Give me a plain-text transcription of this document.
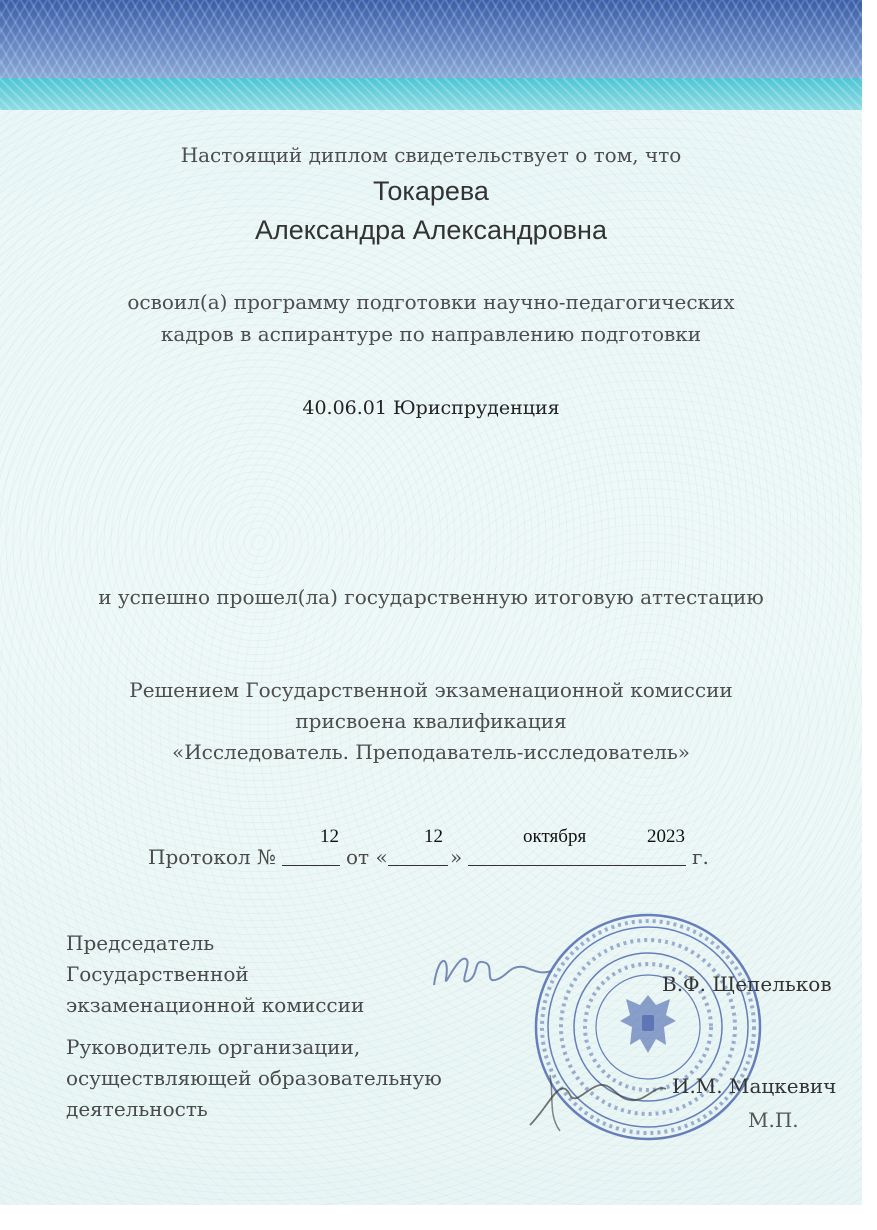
Настоящий диплом свидетельствует о том, что
Токарева
Александра Александровна
освоил(а) программу подготовки научно-педагогических
кадров в аспирантуре по направлению подготовки
40.06.01 Юриспруденция
и успешно прошел(ла) государственную итоговую аттестацию
Решением Государственной экзаменационной комиссии
присвоена квалификация
«Исследователь. Преподаватель-исследователь»
Протокол №	от «	»	г.
12	12	октября	2023
Председатель
Государственной
экзаменационной комиссии
Руководитель организации,
осуществляющей образовательную
деятельность
В.Ф. Щепельков
И.М. Мацкевич
М.П.
